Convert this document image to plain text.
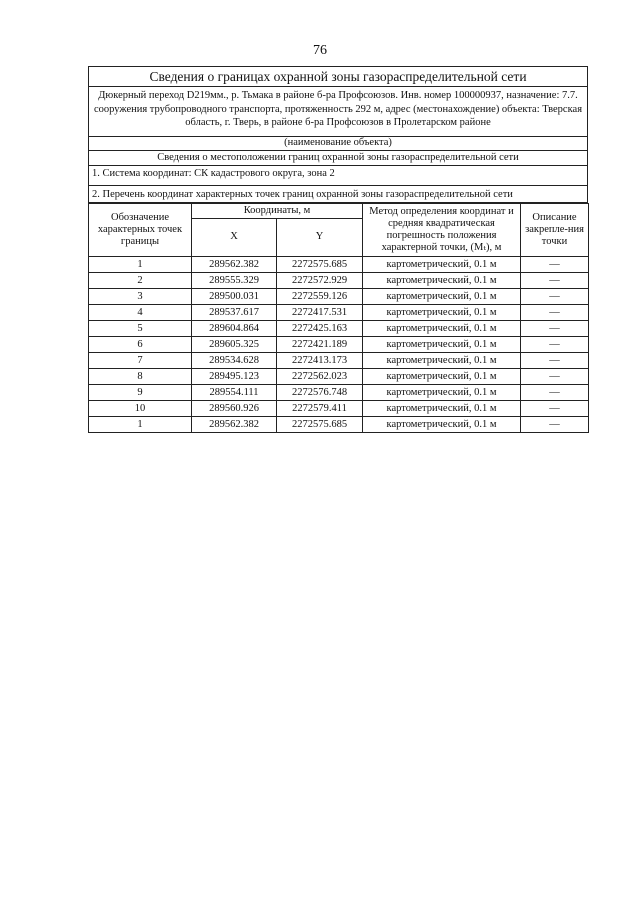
76
Сведения о границах охранной зоны газораспределительной сети
Дюкерный переход D219мм., р. Тьмака в районе б-ра Профсоюзов. Инв. номер 100000937, назначение: 7.7. сооружения трубопроводного транспорта, протяженность 292 м, адрес (местонахождение) объекта: Тверская область, г. Тверь, в районе б-ра Профсоюзов в Пролетарском районе
(наименование объекта)
Сведения о местоположении границ охранной зоны газораспределительной сети
1. Система координат: СК кадастрового округа, зона 2
2. Перечень координат характерных точек границ охранной зоны газораспределительной сети
Обозначение характерных точек границы	Координаты, м		Метод определения координат и средняя квадратическая погрешность положения характерной точки, (Mₜ), м	Описание закрепле-ния точки
	X	Y		
1	289562.382	2272575.685	картометрический, 0.1 м	—
2	289555.329	2272572.929	картометрический, 0.1 м	—
3	289500.031	2272559.126	картометрический, 0.1 м	—
4	289537.617	2272417.531	картометрический, 0.1 м	—
5	289604.864	2272425.163	картометрический, 0.1 м	—
6	289605.325	2272421.189	картометрический, 0.1 м	—
7	289534.628	2272413.173	картометрический, 0.1 м	—
8	289495.123	2272562.023	картометрический, 0.1 м	—
9	289554.111	2272576.748	картометрический, 0.1 м	—
10	289560.926	2272579.411	картометрический, 0.1 м	—
1	289562.382	2272575.685	картометрический, 0.1 м	—
